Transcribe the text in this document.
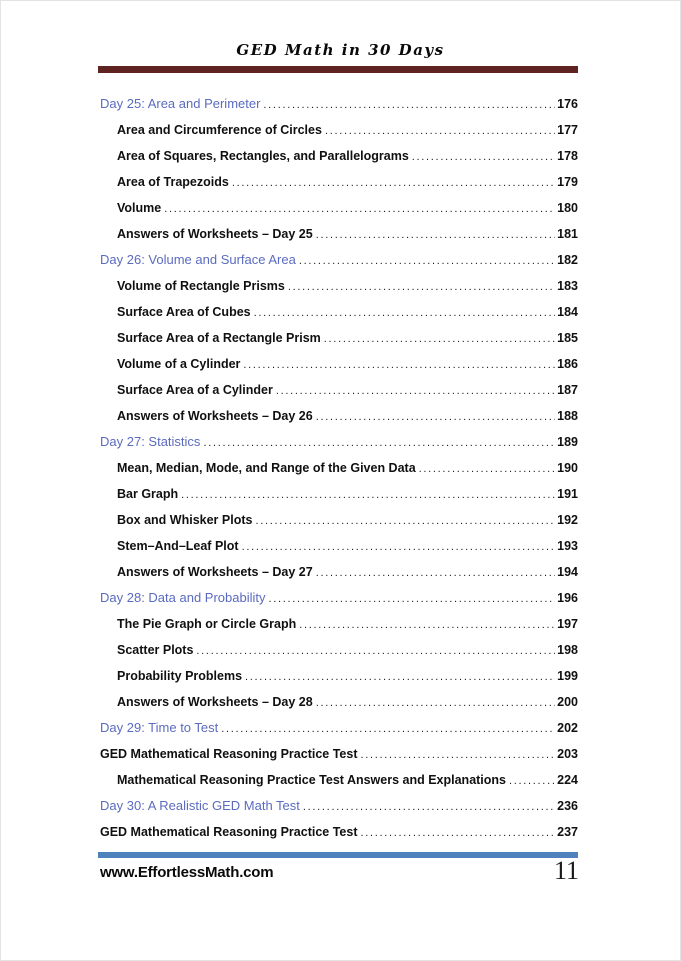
GED Math in 30 Days
Day 25: Area and Perimeter .....	176
Area and Circumference of Circles .....	177
Area of Squares, Rectangles, and Parallelograms .....	178
Area of Trapezoids .....	179
Volume .....	180
Answers of Worksheets – Day 25 .....	181
Day 26: Volume and Surface Area .....	182
Volume of Rectangle Prisms .....	183
Surface Area of Cubes .....	184
Surface Area of a Rectangle Prism .....	185
Volume of a Cylinder .....	186
Surface Area of a Cylinder .....	187
Answers of Worksheets – Day 26 .....	188
Day 27: Statistics .....	189
Mean, Median, Mode, and Range of the Given Data .....	190
Bar Graph .....	191
Box and Whisker Plots .....	192
Stem–And–Leaf Plot .....	193
Answers of Worksheets – Day 27 .....	194
Day 28: Data and Probability .....	196
The Pie Graph or Circle Graph .....	197
Scatter Plots .....	198
Probability Problems .....	199
Answers of Worksheets – Day 28 .....	200
Day 29: Time to Test .....	202
GED Mathematical Reasoning Practice Test .....	203
Mathematical Reasoning Practice Test Answers and Explanations .....	224
Day 30: A Realistic GED Math Test .....	236
GED Mathematical Reasoning Practice Test .....	237
www.EffortlessMath.com	11
